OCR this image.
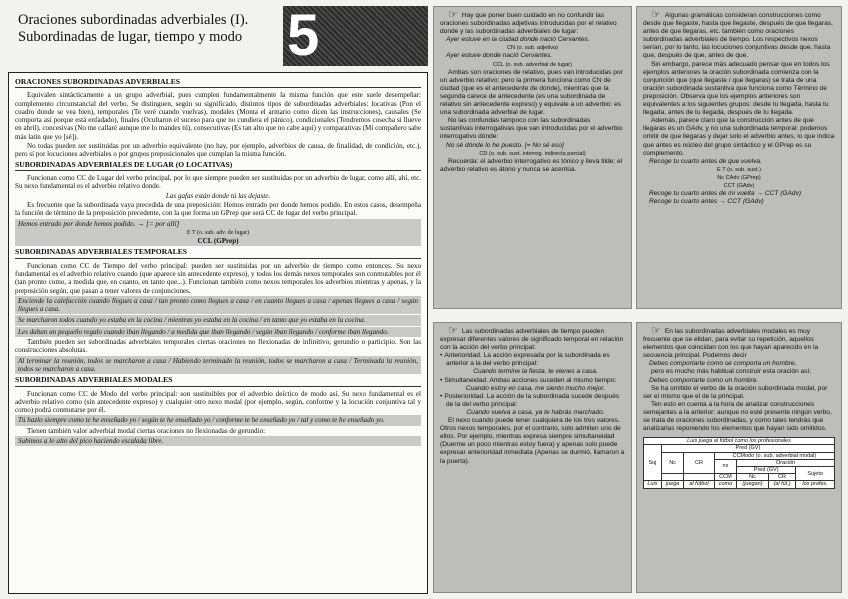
Oraciones subordinadas adverbiales (I).
Subordinadas de lugar, tiempo y modo 5
ORACIONES SUBORDINADAS ADVERBIALES

Equivalen sintácticamente a un grupo adverbial, pues cumplen fundamentalmente la misma función que este suele desempeñar: complemento circunstancial del verbo. Se distinguen, según su significado, distintos tipos de subordinadas adverbiales: locativas (Pon el cuadro donde se vea bien), temporales (Te veré cuando vuelvas), modales (Monta el armario como dicen las instrucciones), causales (Se comporta así porque está enfadado), finales (Ocultaron el suceso para que no cundiera el pánico), condicionales (Tendremos cosecha si llueve en abril), concesivas (No me callaré aunque me lo mandes tú), consecutivas (Es tan alto que no cabe aquí) y comparativas (Mi compañero sabe más latín que yo [sé]).

No todas pueden ser sustituidas por un adverbio equivalente (no hay, por ejemplo, adverbios de causa, de finalidad, de condición, etc.), pero sí por locuciones adverbiales o por grupos preposicionales que cumplan la misma función.

SUBORDINADAS ADVERBIALES DE LUGAR (O LOCATIVAS)

Funcionan como CC de Lugar del verbo principal, por lo que siempre pueden ser sustituidas por un adverbio de lugar, como allí, ahí, etc. Su nexo fundamental es el adverbio relativo donde.

Las gafas están donde tú las dejaste.

Es frecuente que la subordinada vaya precedida de una preposición: Hemos entrado por donde hemos podido. En estos casos, desempeña la función de término de la preposición precedente, con la que forma un GPrep que será CC de lugar del verbo principal.

Hemos entrado por donde hemos podido. → [= por allí]
E T (o. sub. adv. de lugar)
CCL (GPrep)
SUBORDINADAS ADVERBIALES TEMPORALES

Funcionan como CC de Tiempo del verbo principal: pueden ser sustituidas por un adverbio de tiempo como entonces. Su nexo fundamental es el adverbio relativo cuando (que aparece sin antecedente expreso), y todos los demás nexos temporales son conmutables por él (tan pronto como, a medida que, en cuanto, en tanto que...). Funcionan también como nexos temporales los adverbios mientras y apenas, y la preposición según, que pasan a tener valores de conjunciones.

Enciende la calefacción cuando llegues a casa / tan pronto como llegues a casa / en cuanto llegues a casa / apenas llegues a casa / según llegues a casa.

Se marcharon todos cuando yo estaba en la cocina / mientras yo estaba en la cocina / en tanto que yo estaba en la cocina.

Les daban un pequeño regalo cuando iban llegando / a medida que iban llegando / según iban llegando / conforme iban llegando.

También pueden ser subordinadas adverbiales temporales ciertas oraciones no flexionadas de infinitivo, gerundio o participio. Son las construcciones absolutas.

Al terminar la reunión, todos se marcharon a casa / Habiendo terminado la reunión, todos se marcharon a casa / Terminada la reunión, todos se marcharon a casa.

SUBORDINADAS ADVERBIALES MODALES

Funcionan como CC de Modo del verbo principal: son sustituibles por el adverbio deíctico de modo así. Su nexo fundamental es el adverbio relativo como (sin antecedente expreso) y cualquier otro nexo modal (por ejemplo, según, conforme y la locución conjuntiva tal y como) podrá conmutarse por él.

Tú hazlo siempre como te he enseñado yo / según te he enseñado yo / conforme te he enseñado yo / tal y como te he enseñado yo.

Tienen también valor adverbial modal ciertas oraciones no flexionadas de gerundio:

Subimos a lo alto del pico haciendo escalada libre.

☞ Hay que poner buen cuidado en no confundir las oraciones subordinadas adjetivas introducidas por el relativo donde y las subordinadas adverbiales de lugar:

Ayer estuve en la ciudad donde nació Cervantes.

CN (o. sub. adjetiva)

Ayer estuve donde nació Cervantes.

CCL (o. sub. adverbial de lugar)

Ambas son oraciones de relativo, pues van introducidas por un adverbio relativo; pero la primera funciona como CN de ciudad (que es el antecedente de donde), mientras que la segunda carece de antecedente (es una subordinada de relativo sin antecedente expreso) y equivale a un adverbio: es una subordinada adverbial de lugar.

No las confundas tampoco con las subordinadas sustantivas interrogativas que van introducidas por el adverbio interrogativo dónde:

No sé dónde lo he puesto. [= No sé eso]

CD (o. sub. sust. interrog. indirecta parcial)

Recuerda: el adverbio interrogativo es tónico y lleva tilde; el adverbio relativo es átono y nunca se acentúa.

☞ Algunas gramáticas consideran construcciones como desde que llegaste, hasta que llegaste, después de que llegaras, antes de que llegaras, etc. también como oraciones subordinadas adverbiales de tiempo. Los respectivos nexos serían, por lo tanto, las locuciones conjuntivas desde que, hasta que, después de que, antes de que.

Sin embargo, parece más adecuado pensar que en todos los ejemplos anteriores la oración subordinada comienza con la conjunción que (que llegaste / que llegaras) se trata de una oración subordinada sustantiva que funciona como Término de preposición. Observa que los ejemplos anteriores son equivalentes a los siguientes grupos: desde tu llegada, hasta tu llegada, antes de tu llegada, después de tu llegada.

Además, parece claro que la construcción antes de que llegaras es un GAdv, y no una subordinada temporal: podemos omitir de que llegaras y dejar solo el adverbio antes, lo que indica que antes es núcleo del grupo sintáctico y el GPrep es su complemento.

Recoge tu cuarto antes de que vuelva.

E T (o. sub. sust.)

Nc CAdv (GPrep)

CCT (GAdv)

Recoge tu cuarto antes de mi vuelta → CCT (GAdv)

Recoge tu cuarto antes → CCT (GAdv)

☞ Las subordinadas adverbiales de tiempo pueden expresar diferentes valores de significado temporal en relación con la acción del verbo principal:

• Anterioridad. La acción expresada por la subordinada es anterior a la del verbo principal:

Cuando termine la fiesta, te vienes a casa.

• Simultaneidad. Ambas acciones suceden al mismo tiempo:

Cuando estoy en casa, me siento mucho mejor.

• Posterioridad. La acción de la subordinada sucede después de la del verbo principal:

Cuando vuelva a casa, ya te habrás marchado.

El nexo cuando puede tener cualquiera de los tres valores. Otros nexos temporales, por el contrario, solo admiten uno de ellos. Por ejemplo, mientras expresa siempre simultaneidad (Duerme un poco mientras estoy fuera) y apenas solo puede expresar anterioridad inmediata (Apenas se durmió, llamaron a la puerta).

☞ En las subordinadas adverbiales modales es muy frecuente que se elidan, para evitar su repetición, aquellos elementos que coincidan con los que hayan aparecido en la secuencia principal. Podemos decir

Debes comportarte como se comporta un hombre,

pero es mucho más habitual construir esta oración así:

Debes comportarte como un hombre.

Se ha omitido el verbo de la oración subordinada modal, por ser el mismo que el de la principal.

Ten esto en cuenta a la hora de analizar construcciones semejantes a la anterior: aunque no esté presente ningún verbo, se trata de oraciones subordinadas, y como tales tendrás que analizarlas reponiendo los elementos que hayan sido omitidos.

Luis juega al fútbol como los profesionales						
Suj	Pred (GV)					
	Nc	CR	CCModo (o. sub. adverbial modal)			
			nx	Oración		
				Pred (GV)		Sujeto
			CCM	Nc	CR	
Luis	juega	al fútbol	como	(juegan)	(al fút.)	los profes.
